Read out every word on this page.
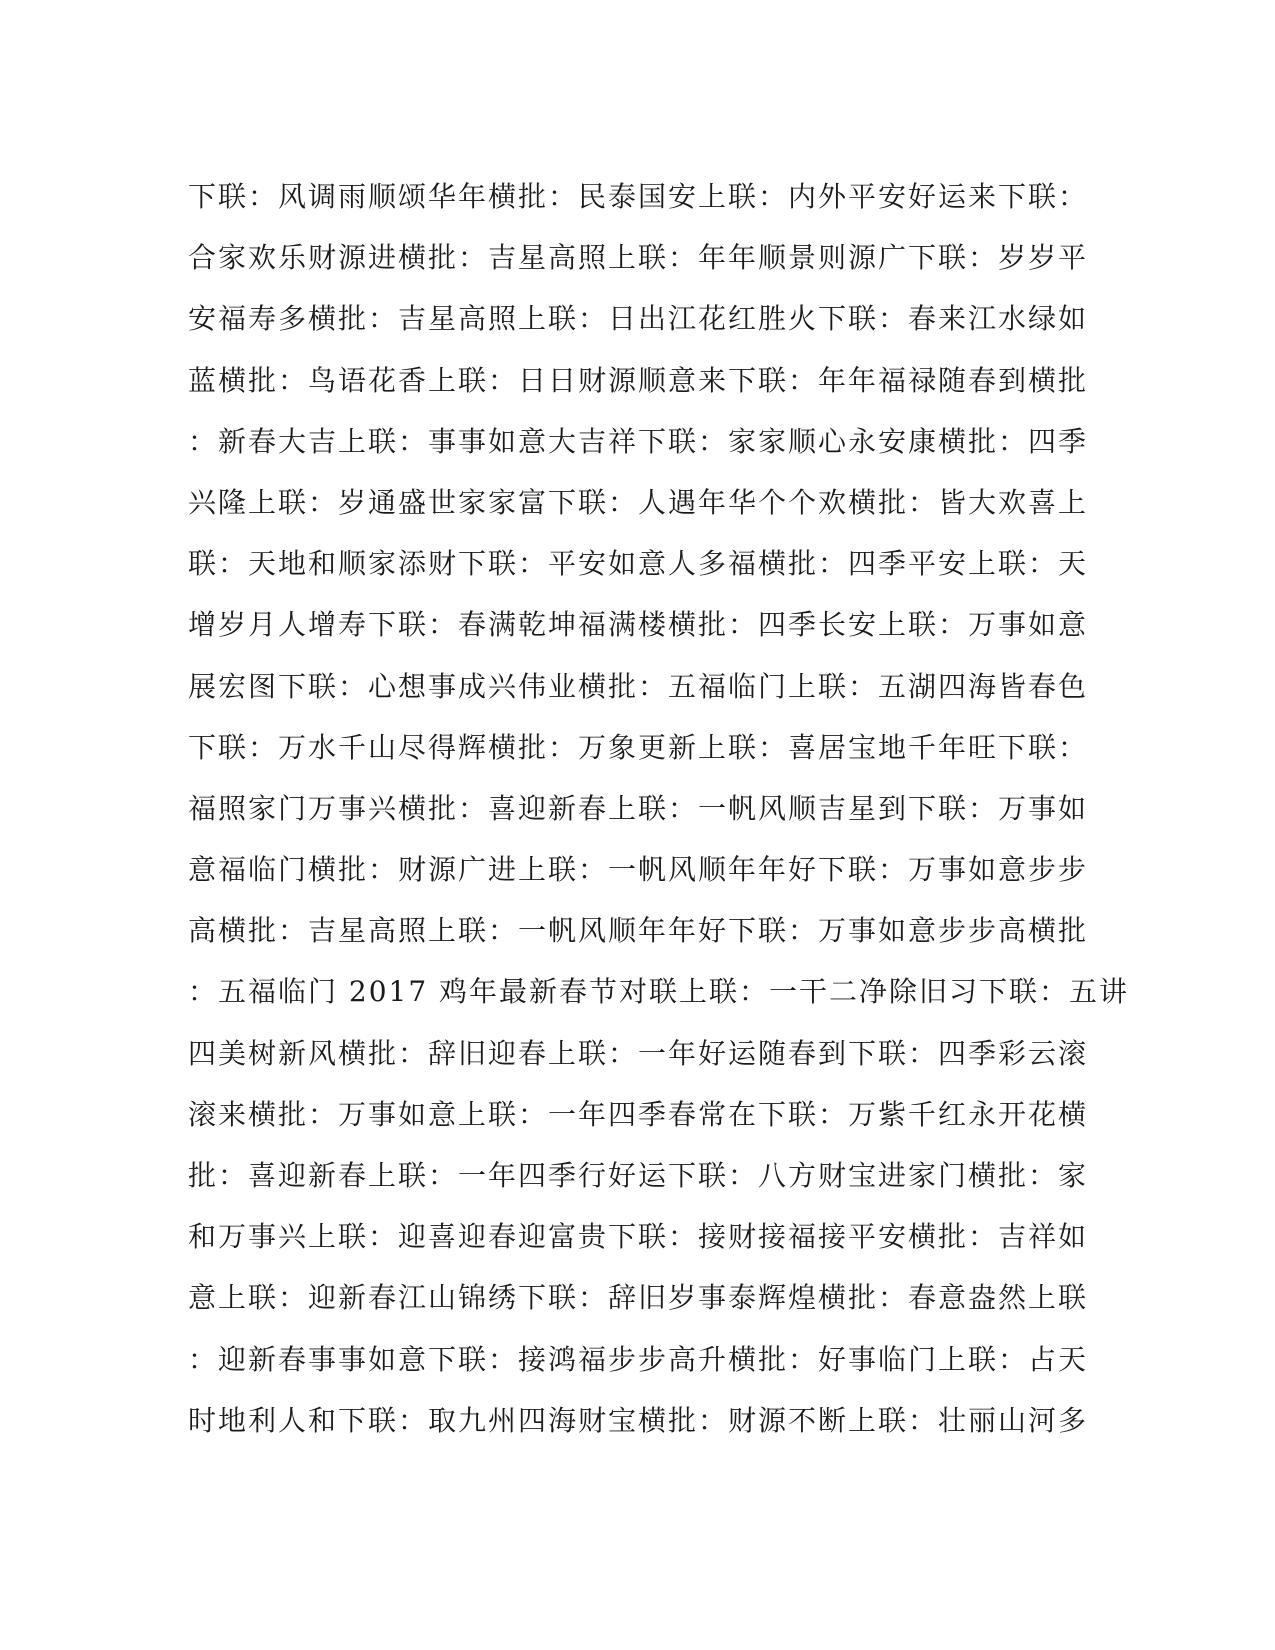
下联：风调雨顺颂华年横批：民泰国安上联：内外平安好运来下联：
合家欢乐财源进横批：吉星高照上联：年年顺景则源广下联：岁岁平
安福寿多横批：吉星高照上联：日出江花红胜火下联：春来江水绿如
蓝横批：鸟语花香上联：日日财源顺意来下联：年年福禄随春到横批
：新春大吉上联：事事如意大吉祥下联：家家顺心永安康横批：四季
兴隆上联：岁通盛世家家富下联：人遇年华个个欢横批：皆大欢喜上
联：天地和顺家添财下联：平安如意人多福横批：四季平安上联：天
增岁月人增寿下联：春满乾坤福满楼横批：四季长安上联：万事如意
展宏图下联：心想事成兴伟业横批：五福临门上联：五湖四海皆春色
下联：万水千山尽得辉横批：万象更新上联：喜居宝地千年旺下联：
福照家门万事兴横批：喜迎新春上联：一帆风顺吉星到下联：万事如
意福临门横批：财源广进上联：一帆风顺年年好下联：万事如意步步
高横批：吉星高照上联：一帆风顺年年好下联：万事如意步步高横批
：五福临门 2017 鸡年最新春节对联上联：一干二净除旧习下联：五讲
四美树新风横批：辞旧迎春上联：一年好运随春到下联：四季彩云滚
滚来横批：万事如意上联：一年四季春常在下联：万紫千红永开花横
批：喜迎新春上联：一年四季行好运下联：八方财宝进家门横批：家
和万事兴上联：迎喜迎春迎富贵下联：接财接福接平安横批：吉祥如
意上联：迎新春江山锦绣下联：辞旧岁事泰辉煌横批：春意盎然上联
：迎新春事事如意下联：接鸿福步步高升横批：好事临门上联：占天
时地利人和下联：取九州四海财宝横批：财源不断上联：壮丽山河多
